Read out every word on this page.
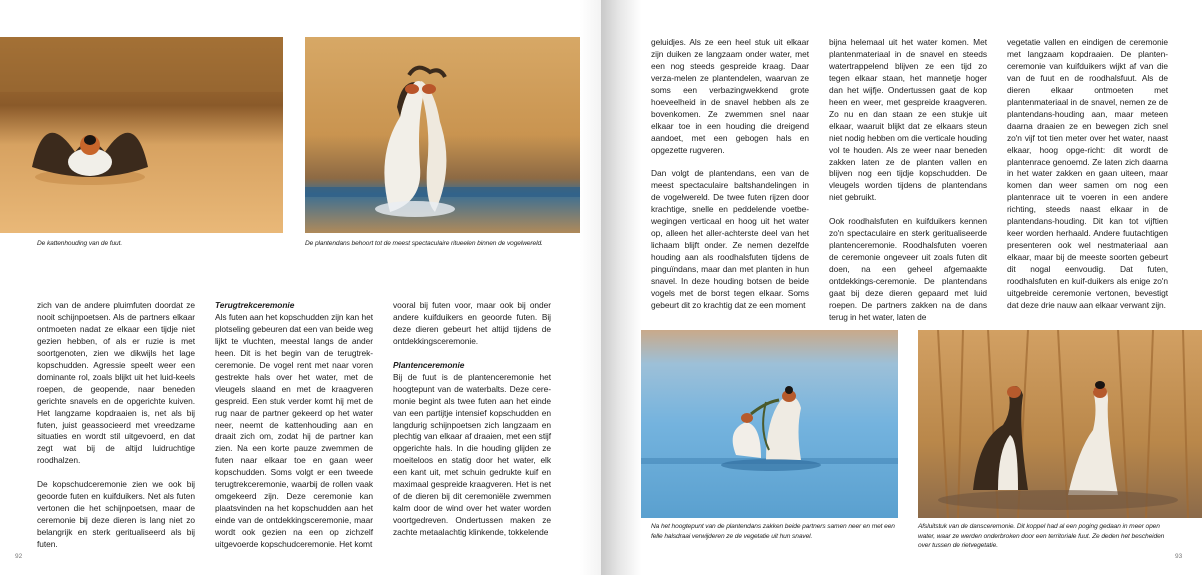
De kattenhouding van de fuut.	De plantendans behoort tot de meest spectaculaire ritueelen binnen de vogelwereld.

zich van de andere pluimfuten doordat ze nooit schijnpoetsen. Als de partners elkaar ontmoeten nadat ze elkaar een tijdje niet gezien hebben, of als er ruzie is met soortgenoten, zien we dikwijls het lage kopschudden. Agressie speelt weer een dominante rol, zoals blijkt uit het luid-keels roepen, de geopende, naar beneden gerichte snavels en de opgerichte kuiven. Het langzame kopdraaien is, net als bij futen, juist geassocieerd met vreedzame situaties en wordt stil uitgevoerd, en dat zegt wat bij de altijd luidruchtige roodhalzen.

De kopschudceremonie zien we ook bij geoorde futen en kuifduikers. Net als futen vertonen die het schijnpoetsen, maar de ceremonie bij deze dieren is lang niet zo belangrijk en sterk geritualiseerd als bij futen.

Terugtrekceremonie

Als futen aan het kopschudden zijn kan het plotseling gebeuren dat een van beide weg lijkt te vluchten, meestal langs de ander heen. Dit is het begin van de terugtrek-ceremonie. De vogel rent met naar voren gestrekte hals over het water, met de vleugels slaand en met de kraagveren gespreid. Een stuk verder komt hij met de rug naar de partner gekeerd op het water neer, neemt de kattenhouding aan en draait zich om, zodat hij de partner kan zien. Na een korte pauze zwemmen de futen naar elkaar toe en gaan weer kopschudden. Soms volgt er een tweede terugtrekceremonie, waarbij de rollen vaak omgekeerd zijn. Deze ceremonie kan plaatsvinden na het kopschudden aan het einde van de ontdekkingsceremonie, maar wordt ook gezien na een op zichzelf uitgevoerde kopschudceremonie. Het komt

vooral bij futen voor, maar ook bij onder andere kuifduikers en geoorde futen. Bij deze dieren gebeurt het altijd tijdens de ontdekkingsceremonie.

Plantenceremonie

Bij de fuut is de plantenceremonie het hoogtepunt van de waterbalts. Deze cere-monie begint als twee futen aan het einde van een partijtje intensief kopschudden en langdurig schijnpoetsen zich langzaam en plechtig van elkaar af draaien, met een stijf opgerichte hals. In die houding glijden ze moeiteloos en statig door het water, elk een kant uit, met schuin gedrukte kuif en maximaal gespreide kraagveren. Het is net of de dieren bij dit ceremoniële zwemmen kalm door de wind over het water worden voortgedreven. Ondertussen maken ze zachte metaalachtig klinkende, tokkelende

92

geluidjes. Als ze een heel stuk uit elkaar zijn duiken ze langzaam onder water, met een nog steeds gespreide kraag. Daar verza-melen ze plantendelen, waarvan ze soms een verbazingwekkend grote hoeveelheid in de snavel hebben als ze bovenkomen. Ze zwemmen snel naar elkaar toe in een houding die dreigend aandoet, met een gebogen hals en opgezette rugveren.

Dan volgt de plantendans, een van de meest spectaculaire baltshandelingen in de vogelwereld. De twee futen rijzen door krachtige, snelle en peddelende voetbe-wegingen verticaal en hoog uit het water op, alleen het aller-achterste deel van het lichaam blijft onder. Ze nemen dezelfde houding aan als roodhalsfuten tijdens de pinguïndans, maar dan met planten in hun snavel. In deze houding botsen de beide vogels met de borst tegen elkaar. Soms gebeurt dit zo krachtig dat ze een moment

bijna helemaal uit het water komen. Met plantenmateriaal in de snavel en steeds watertrappelend blijven ze een tijd zo tegen elkaar staan, het mannetje hoger dan het wijfje. Ondertussen gaat de kop heen en weer, met gespreide kraagveren. Zo nu en dan staan ze een stukje uit elkaar, waaruit blijkt dat ze elkaars steun niet nodig hebben om die verticale houding vol te houden. Als ze weer naar beneden zakken laten ze de planten vallen en blijven nog een tijdje kopschudden. De vleugels worden tijdens de plantendans niet gebruikt.

Ook roodhalsfuten en kuifduikers kennen zo'n spectaculaire en sterk geritualiseerde plantenceremonie. Roodhalsfuten voeren de ceremonie ongeveer uit zoals futen dit doen, na een geheel afgemaakte ontdekkings-ceremonie. De plantendans gaat bij deze dieren gepaard met luid roepen. De partners zakken na de dans terug in het water, laten de

vegetatie vallen en eindigen de ceremonie met langzaam kopdraaien. De planten-ceremonie van kuifduikers wijkt af van die van de fuut en de roodhalsfuut. Als de dieren elkaar ontmoeten met plantenmateriaal in de snavel, nemen ze de plantendans-houding aan, maar meteen daarna draaien ze en bewegen zich snel zo'n vijf tot tien meter over het water, naast elkaar, hoog opge-richt: dit wordt de plantenrace genoemd. Ze laten zich daarna in het water zakken en gaan uiteen, maar komen dan weer samen om nog een plantenrace uit te voeren in een andere richting, steeds naast elkaar in de plantendans-houding. Dit kan tot vijftien keer worden herhaald. Andere fuutachtigen presenteren ook wel nestmateriaal aan elkaar, maar bij de meeste soorten gebeurt dit nogal eenvoudig. Dat futen, roodhalsfuten en kuif-duikers als enige zo'n uitgebreide ceremonie vertonen, bevestigt dat deze drie nauw aan elkaar verwant zijn.

Na het hoogtepunt van de plantendans zakken beide partners samen neer en met een felle halsdraai verwijderen ze de vegetatie uit hun snavel.
Afsluitstuk van de dansceremonie. Dit koppel had al een poging gedaan in meer open water, waar ze werden onderbroken door een territoriale fuut. Ze deden het bescheiden over tussen de rietvegetatie.
93
